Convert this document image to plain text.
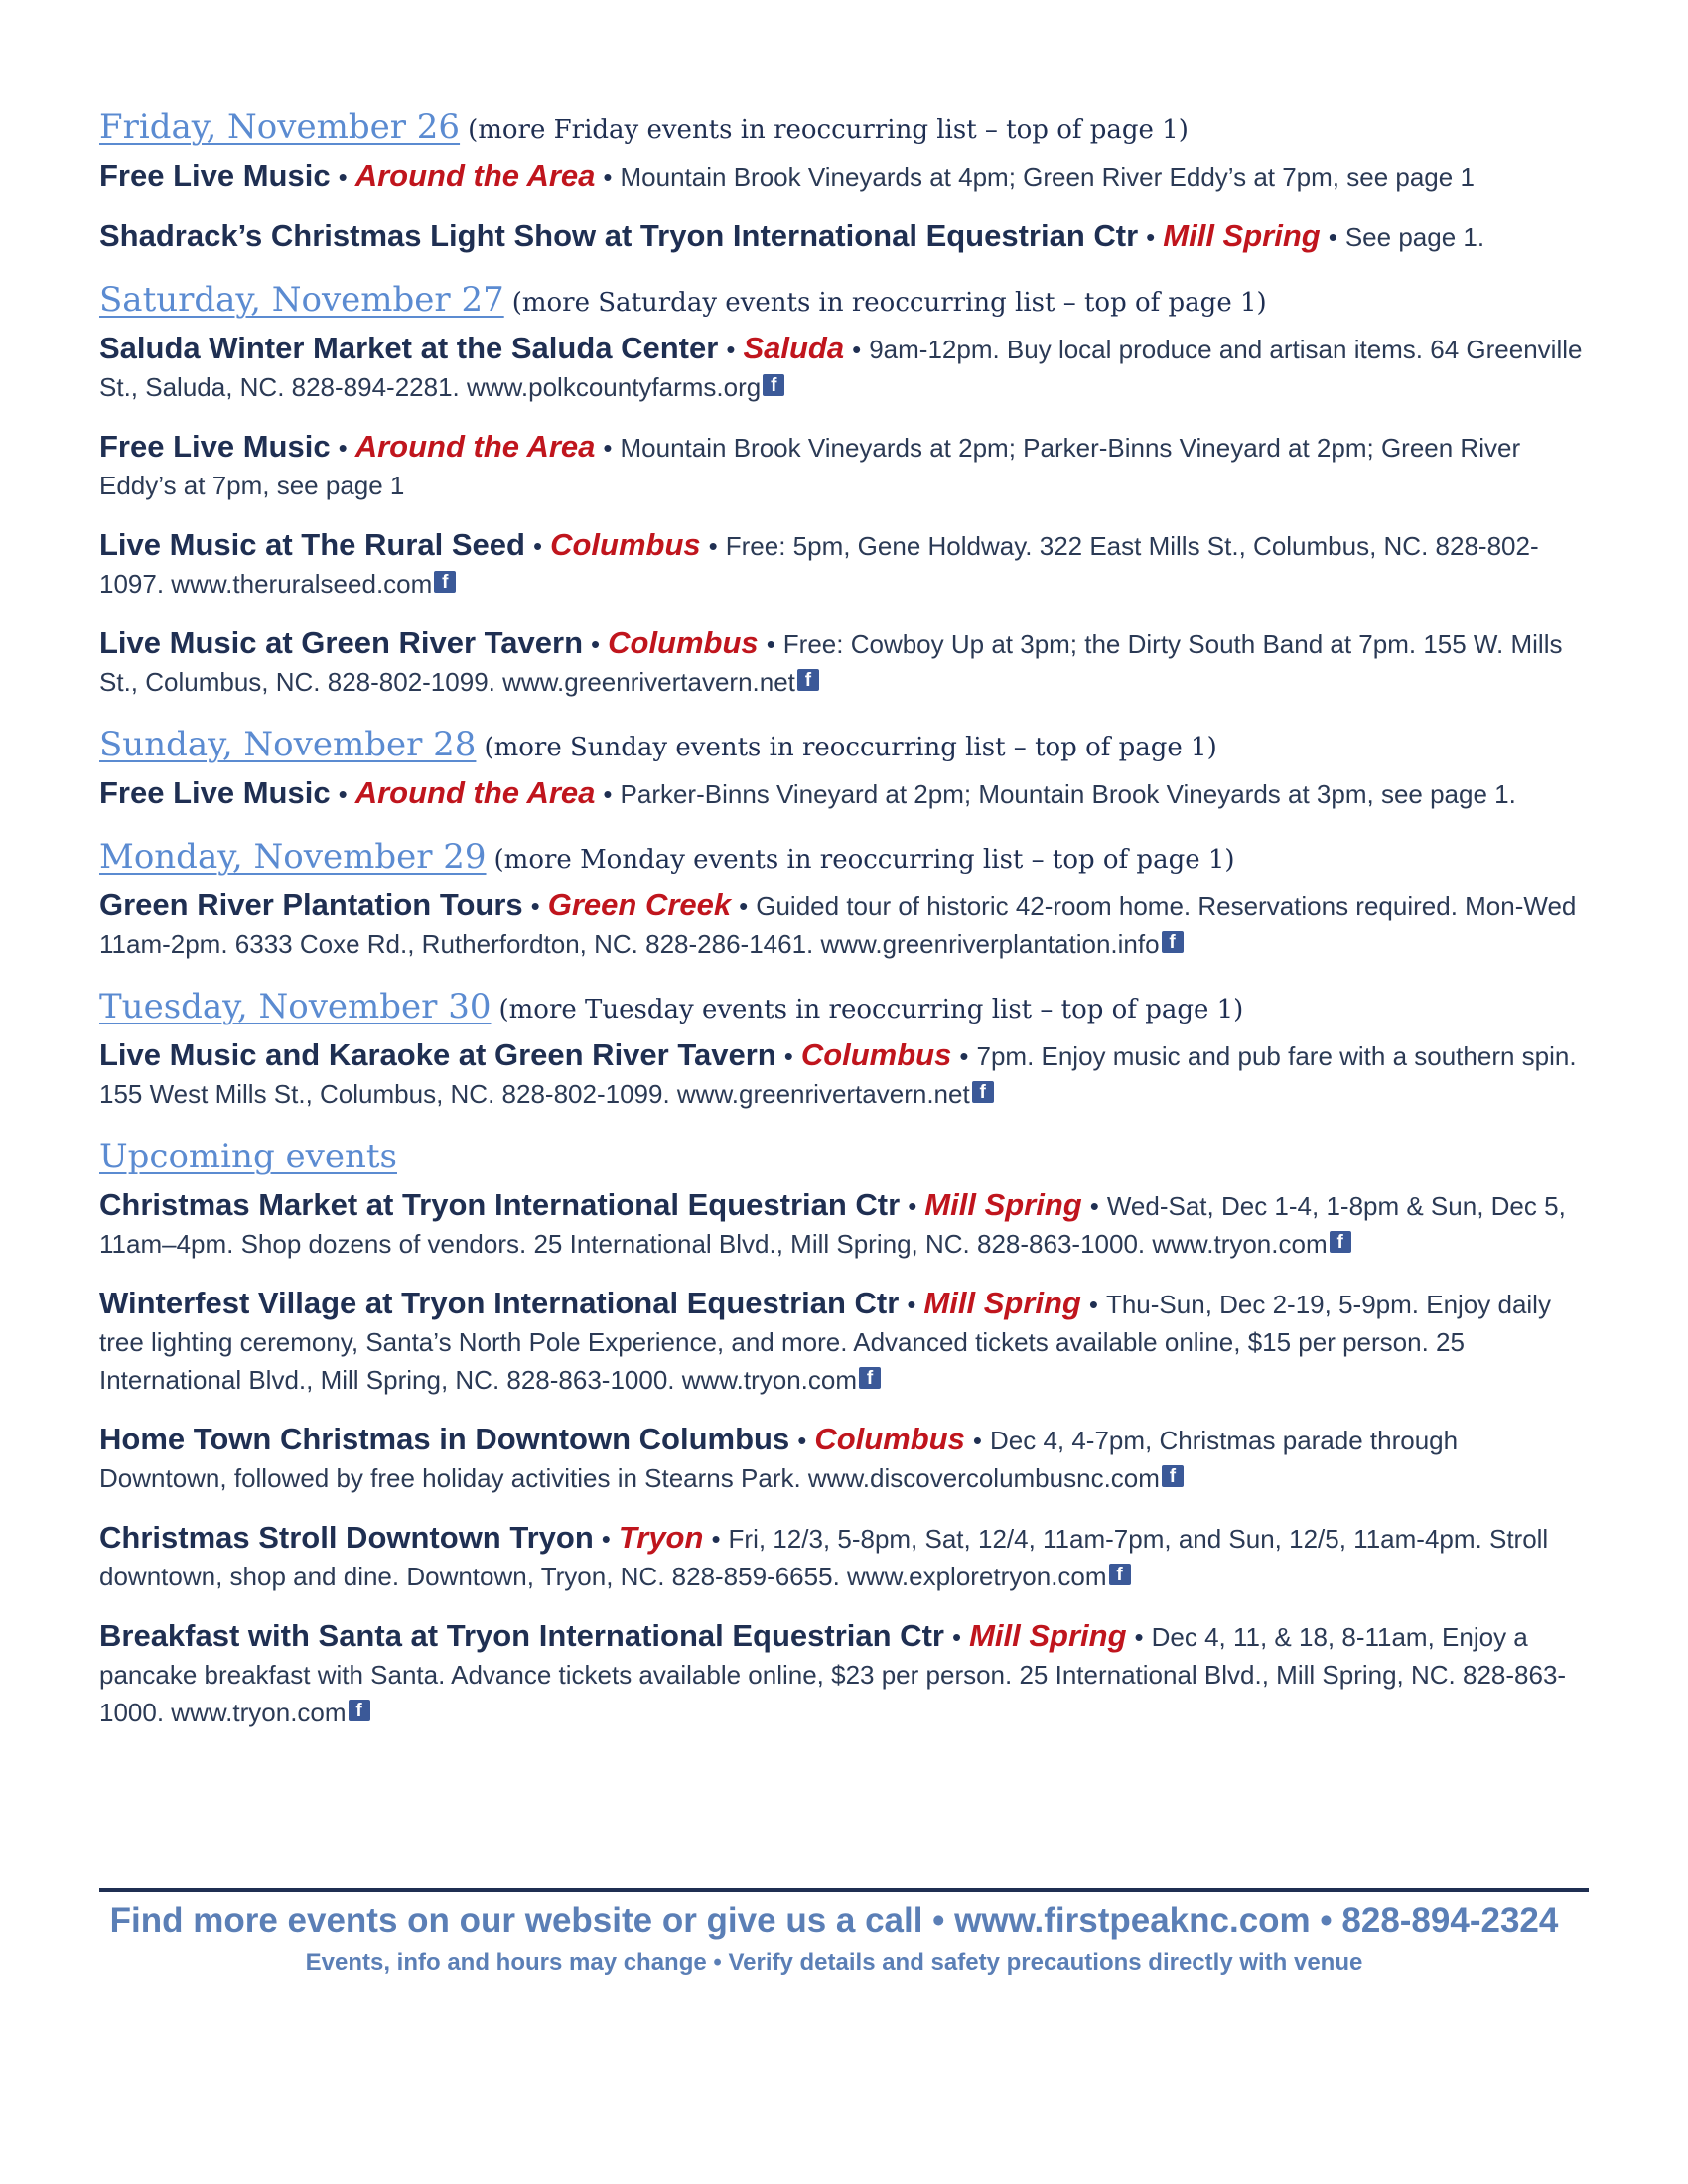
Friday, November 26 (more Friday events in reoccurring list – top of page 1)
Free Live Music • Around the Area • Mountain Brook Vineyards at 4pm; Green River Eddy’s at 7pm, see page 1
Shadrack’s Christmas Light Show at Tryon International Equestrian Ctr • Mill Spring • See page 1.
Saturday, November 27 (more Saturday events in reoccurring list – top of page 1)
Saluda Winter Market at the Saluda Center • Saluda • 9am-12pm. Buy local produce and artisan items. 64 Greenville St., Saluda, NC. 828-894-2281. www.polkcountyfarms.org f
Free Live Music • Around the Area • Mountain Brook Vineyards at 2pm; Parker-Binns Vineyard at 2pm; Green River Eddy’s at 7pm, see page 1
Live Music at The Rural Seed • Columbus • Free: 5pm, Gene Holdway. 322 East Mills St., Columbus, NC. 828-802-1097. www.theruralseed.com f
Live Music at Green River Tavern • Columbus • Free: Cowboy Up at 3pm; the Dirty South Band at 7pm. 155 W. Mills St., Columbus, NC. 828-802-1099. www.greenrivertavern.net f
Sunday, November 28 (more Sunday events in reoccurring list – top of page 1)
Free Live Music • Around the Area • Parker-Binns Vineyard at 2pm; Mountain Brook Vineyards at 3pm, see page 1.
Monday, November 29 (more Monday events in reoccurring list – top of page 1)
Green River Plantation Tours • Green Creek • Guided tour of historic 42-room home. Reservations required. Mon-Wed 11am-2pm. 6333 Coxe Rd., Rutherfordton, NC. 828-286-1461. www.greenriverplantation.info f
Tuesday, November 30 (more Tuesday events in reoccurring list – top of page 1)
Live Music and Karaoke at Green River Tavern • Columbus • 7pm. Enjoy music and pub fare with a southern spin. 155 West Mills St., Columbus, NC. 828-802-1099. www.greenrivertavern.net f
Upcoming events
Christmas Market at Tryon International Equestrian Ctr • Mill Spring • Wed-Sat, Dec 1-4, 1-8pm & Sun, Dec 5, 11am–4pm. Shop dozens of vendors. 25 International Blvd., Mill Spring, NC. 828-863-1000. www.tryon.com f
Winterfest Village at Tryon International Equestrian Ctr • Mill Spring • Thu-Sun, Dec 2-19, 5-9pm. Enjoy daily tree lighting ceremony, Santa’s North Pole Experience, and more. Advanced tickets available online, $15 per person. 25 International Blvd., Mill Spring, NC. 828-863-1000. www.tryon.com f
Home Town Christmas in Downtown Columbus • Columbus • Dec 4, 4-7pm, Christmas parade through Downtown, followed by free holiday activities in Stearns Park. www.discovercolumbusnc.com f
Christmas Stroll Downtown Tryon • Tryon • Fri, 12/3, 5-8pm, Sat, 12/4, 11am-7pm, and Sun, 12/5, 11am-4pm. Stroll downtown, shop and dine. Downtown, Tryon, NC. 828-859-6655. www.exploretryon.com f
Breakfast with Santa at Tryon International Equestrian Ctr • Mill Spring • Dec 4, 11, & 18, 8-11am, Enjoy a pancake breakfast with Santa. Advance tickets available online, $23 per person. 25 International Blvd., Mill Spring, NC. 828-863-1000. www.tryon.com f
Find more events on our website or give us a call • www.firstpeaknc.com • 828-894-2324
Events, info and hours may change • Verify details and safety precautions directly with venue
